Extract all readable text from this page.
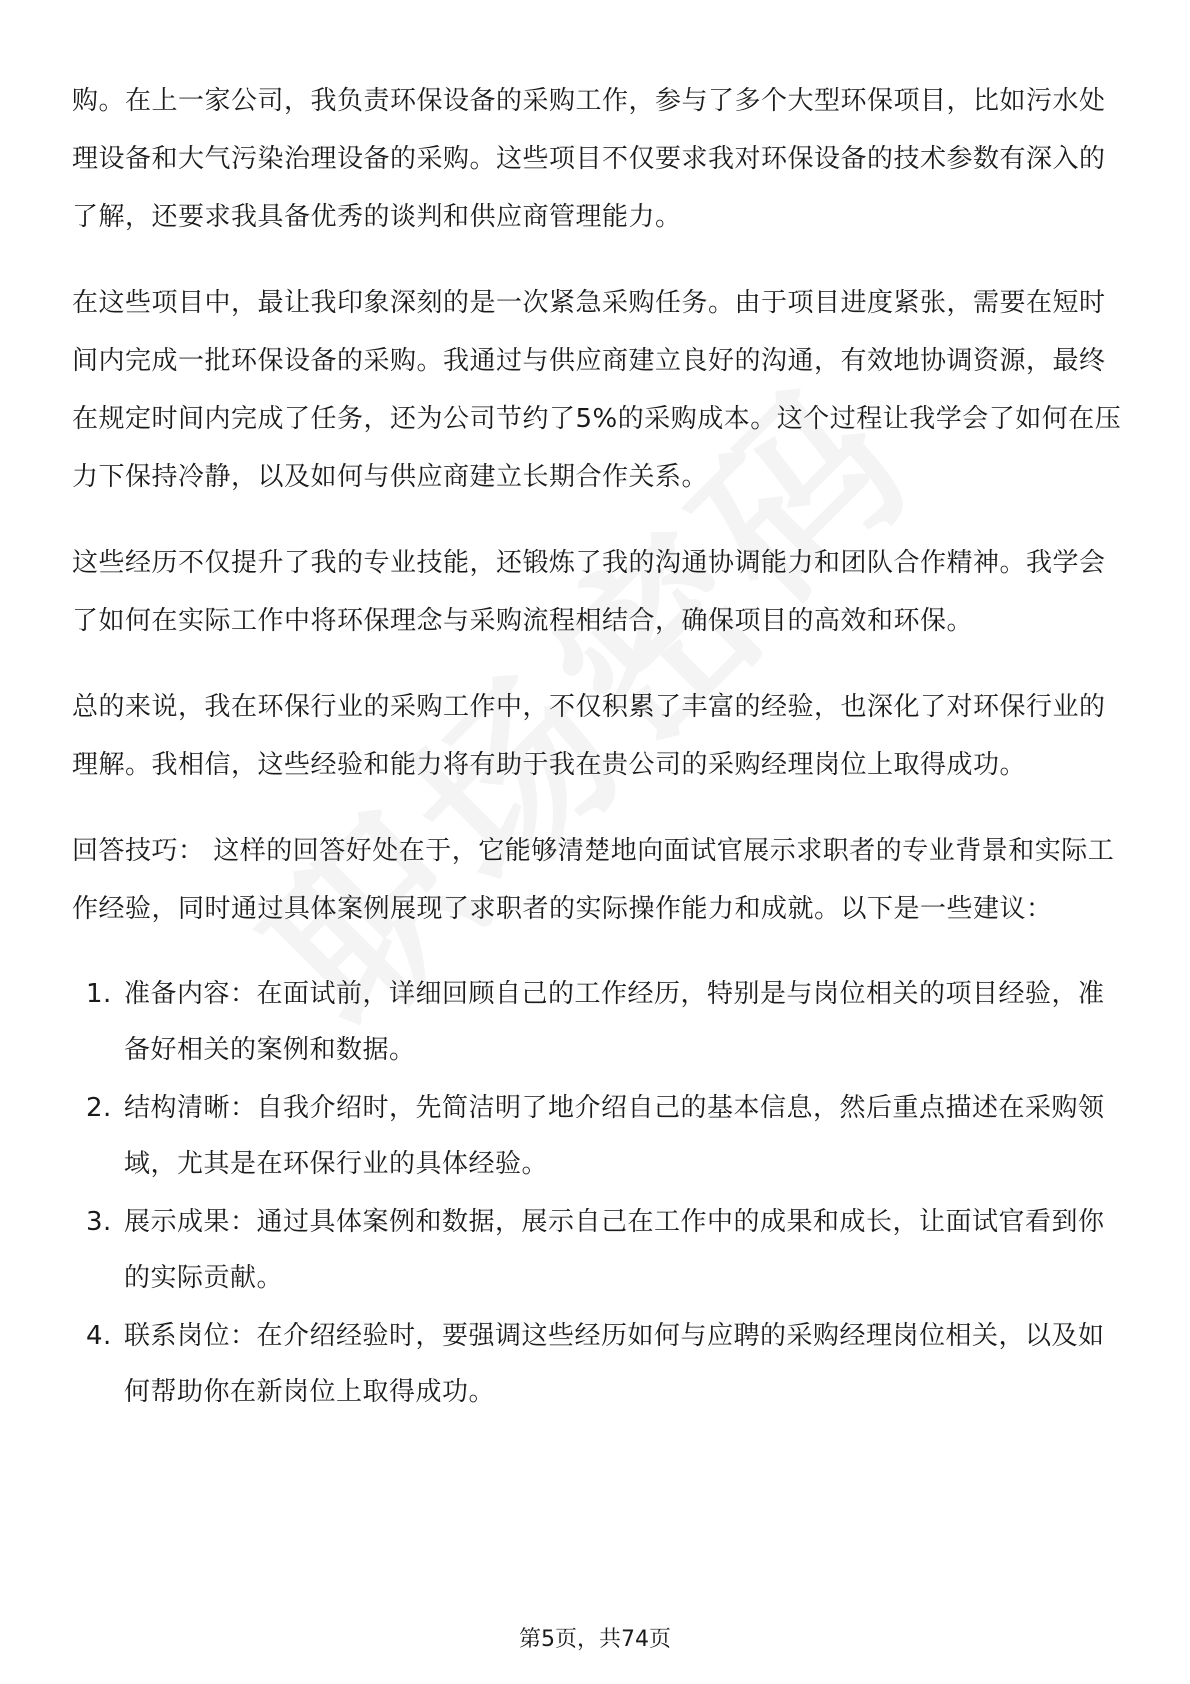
购。在上一家公司，我负责环保设备的采购工作，参与了多个大型环保项目，比如污水处理设备和大气污染治理设备的采购。这些项目不仅要求我对环保设备的技术参数有深入的了解，还要求我具备优秀的谈判和供应商管理能力。

在这些项目中，最让我印象深刻的是一次紧急采购任务。由于项目进度紧张，需要在短时间内完成一批环保设备的采购。我通过与供应商建立良好的沟通，有效地协调资源，最终在规定时间内完成了任务，还为公司节约了5%的采购成本。这个过程让我学会了如何在压力下保持冷静，以及如何与供应商建立长期合作关系。

这些经历不仅提升了我的专业技能，还锻炼了我的沟通协调能力和团队合作精神。我学会了如何在实际工作中将环保理念与采购流程相结合，确保项目的高效和环保。

总的来说，我在环保行业的采购工作中，不仅积累了丰富的经验，也深化了对环保行业的理解。我相信，这些经验和能力将有助于我在贵公司的采购经理岗位上取得成功。

回答技巧： 这样的回答好处在于，它能够清楚地向面试官展示求职者的专业背景和实际工作经验，同时通过具体案例展现了求职者的实际操作能力和成就。以下是一些建议：

1. 准备内容：在面试前，详细回顾自己的工作经历，特别是与岗位相关的项目经验，准备好相关的案例和数据。
2. 结构清晰：自我介绍时，先简洁明了地介绍自己的基本信息，然后重点描述在采购领域，尤其是在环保行业的具体经验。
3. 展示成果：通过具体案例和数据，展示自己在工作中的成果和成长，让面试官看到你的实际贡献。
4. 联系岗位：在介绍经验时，要强调这些经历如何与应聘的采购经理岗位相关，以及如何帮助你在新岗位上取得成功。
第5页，共74页
